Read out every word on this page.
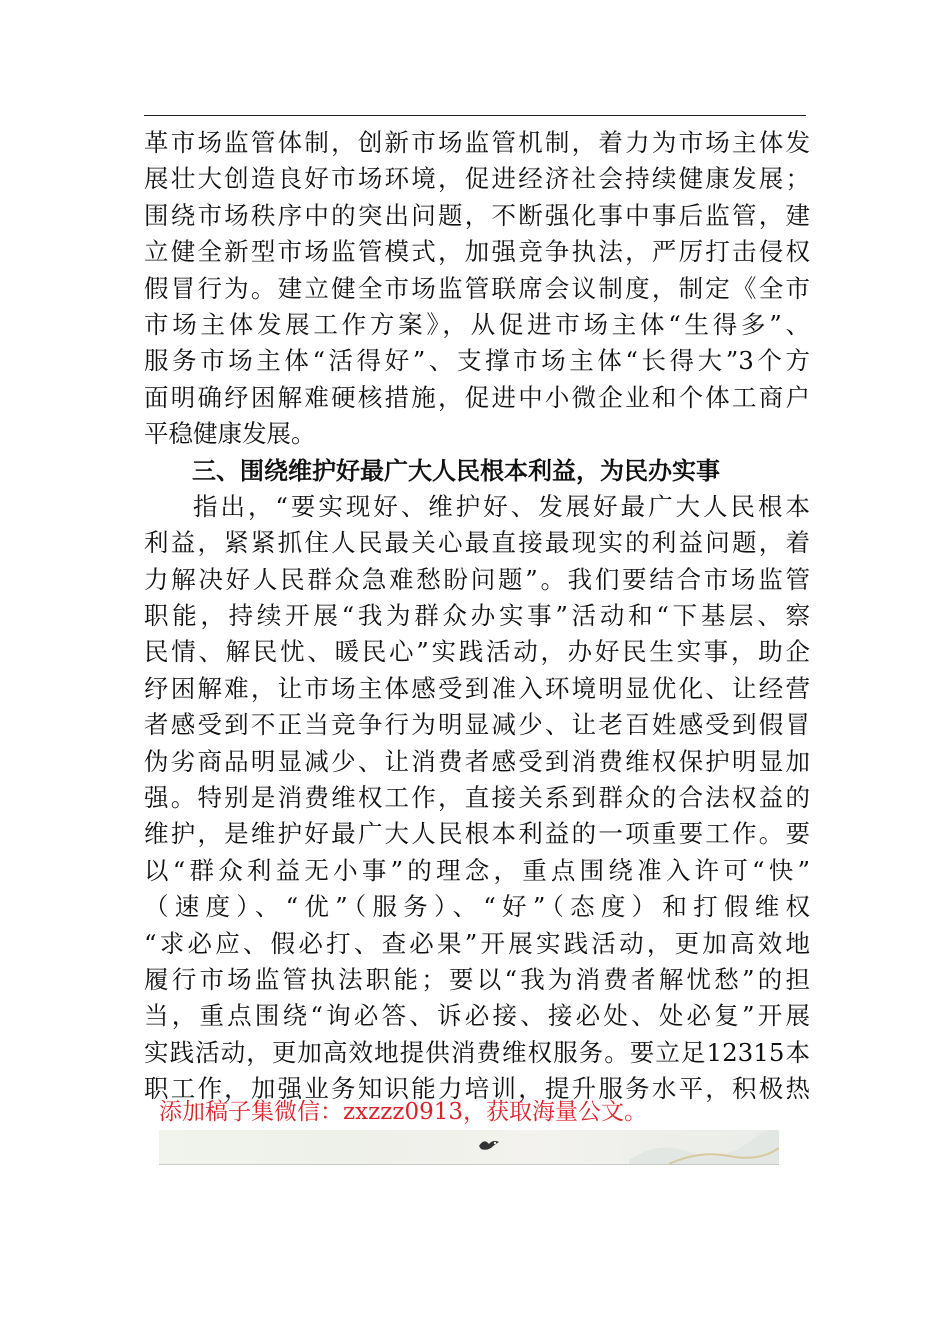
革市场监管体制，创新市场监管机制，着力为市场主体发
展壮大创造良好市场环境，促进经济社会持续健康发展；
围绕市场秩序中的突出问题，不断强化事中事后监管，建
立健全新型市场监管模式，加强竞争执法，严厉打击侵权
假冒行为。建立健全市场监管联席会议制度，制定《全市
市场主体发展工作方案》，从促进市场主体“生得多”、
服务市场主体“活得好”、支撑市场主体“长得大”3个方
面明确纾困解难硬核措施，促进中小微企业和个体工商户
平稳健康发展。
三、围绕维护好最广大人民根本利益，为民办实事
指出，“要实现好、维护好、发展好最广大人民根本
利益，紧紧抓住人民最关心最直接最现实的利益问题，着
力解决好人民群众急难愁盼问题”。我们要结合市场监管
职能，持续开展“我为群众办实事”活动和“下基层、察
民情、解民忧、暖民心”实践活动，办好民生实事，助企
纾困解难，让市场主体感受到准入环境明显优化、让经营
者感受到不正当竞争行为明显减少、让老百姓感受到假冒
伪劣商品明显减少、让消费者感受到消费维权保护明显加
强。特别是消费维权工作，直接关系到群众的合法权益的
维护，是维护好最广大人民根本利益的一项重要工作。要
以“群众利益无小事”的理念，重点围绕准入许可“快”
（速度）、“优”（服务）、“好”（态度）和打假维权
“求必应、假必打、查必果”开展实践活动，更加高效地
履行市场监管执法职能；要以“我为消费者解忧愁”的担
当，重点围绕“询必答、诉必接、接必处、处必复”开展
实践活动，更加高效地提供消费维权服务。要立足12315本
职工作，加强业务知识能力培训，提升服务水平，积极热
添加稿子集微信：zxzzz0913，获取海量公文。
